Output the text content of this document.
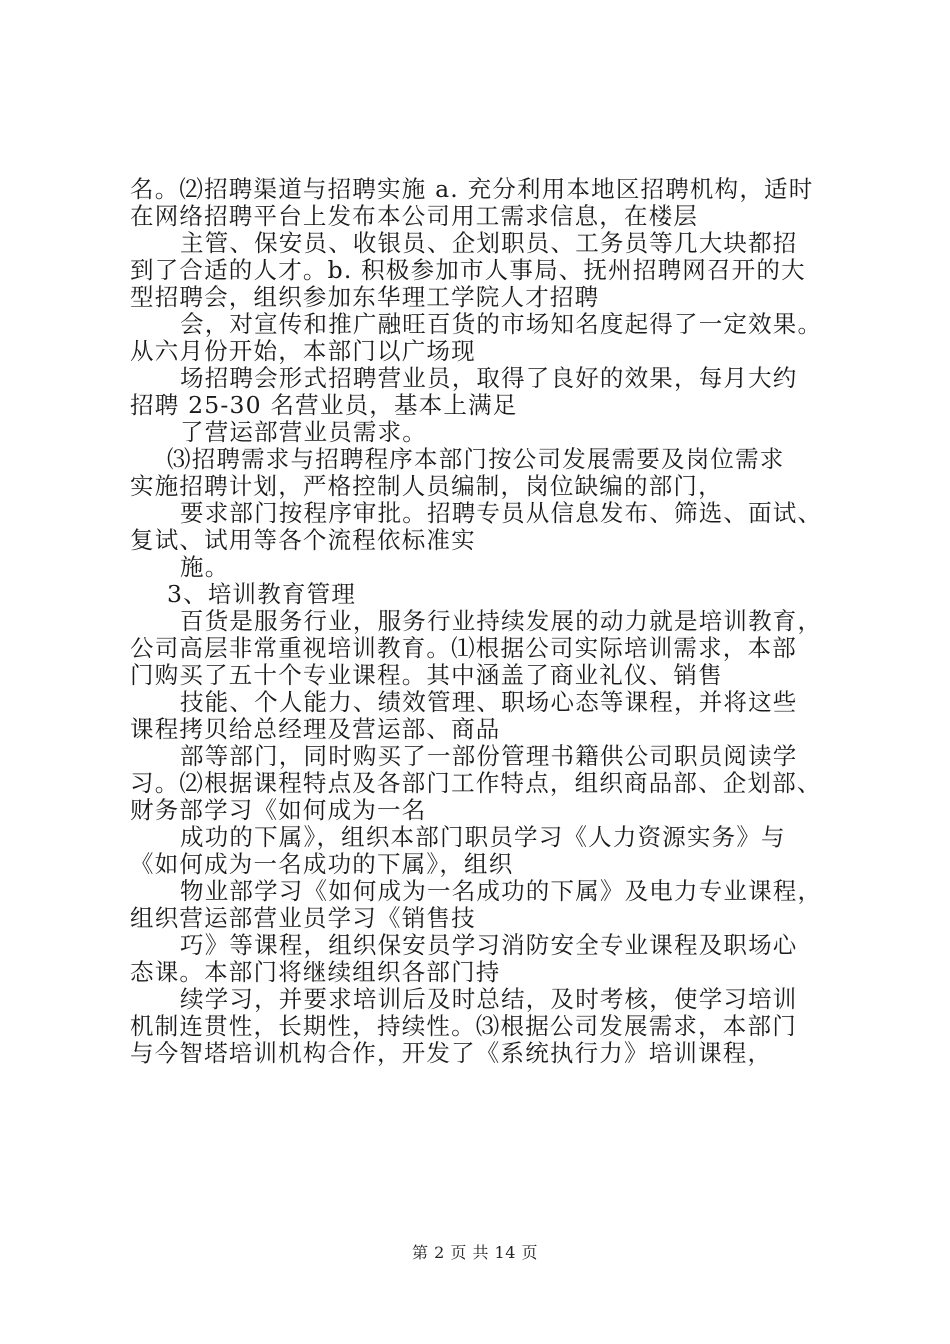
名。⑵招聘渠道与招聘实施 a. 充分利用本地区招聘机构，适时
在网络招聘平台上发布本公司用工需求信息，在楼层
主管、保安员、收银员、企划职员、工务员等几大块都招
到了合适的人才。b. 积极参加市人事局、抚州招聘网召开的大
型招聘会，组织参加东华理工学院人才招聘
会，对宣传和推广融旺百货的市场知名度起得了一定效果。
从六月份开始，本部门以广场现
场招聘会形式招聘营业员，取得了良好的效果，每月大约
招聘 25-30 名营业员，基本上满足
了营运部营业员需求。
⑶招聘需求与招聘程序本部门按公司发展需要及岗位需求
实施招聘计划，严格控制人员编制，岗位缺编的部门，
要求部门按程序审批。招聘专员从信息发布、筛选、面试、
复试、试用等各个流程依标准实
施。
3、培训教育管理
百货是服务行业，服务行业持续发展的动力就是培训教育，
公司高层非常重视培训教育。⑴根据公司实际培训需求，本部
门购买了五十个专业课程。其中涵盖了商业礼仪、销售
技能、个人能力、绩效管理、职场心态等课程，并将这些
课程拷贝给总经理及营运部、商品
部等部门，同时购买了一部份管理书籍供公司职员阅读学
习。⑵根据课程特点及各部门工作特点，组织商品部、企划部、
财务部学习《如何成为一名
成功的下属》，组织本部门职员学习《人力资源实务》与
《如何成为一名成功的下属》，组织
物业部学习《如何成为一名成功的下属》及电力专业课程，
组织营运部营业员学习《销售技
巧》等课程，组织保安员学习消防安全专业课程及职场心
态课。本部门将继续组织各部门持
续学习，并要求培训后及时总结，及时考核，使学习培训
机制连贯性，长期性，持续性。⑶根据公司发展需求，本部门
与今智塔培训机构合作，开发了《系统执行力》培训课程，
第 2 页 共 14 页
